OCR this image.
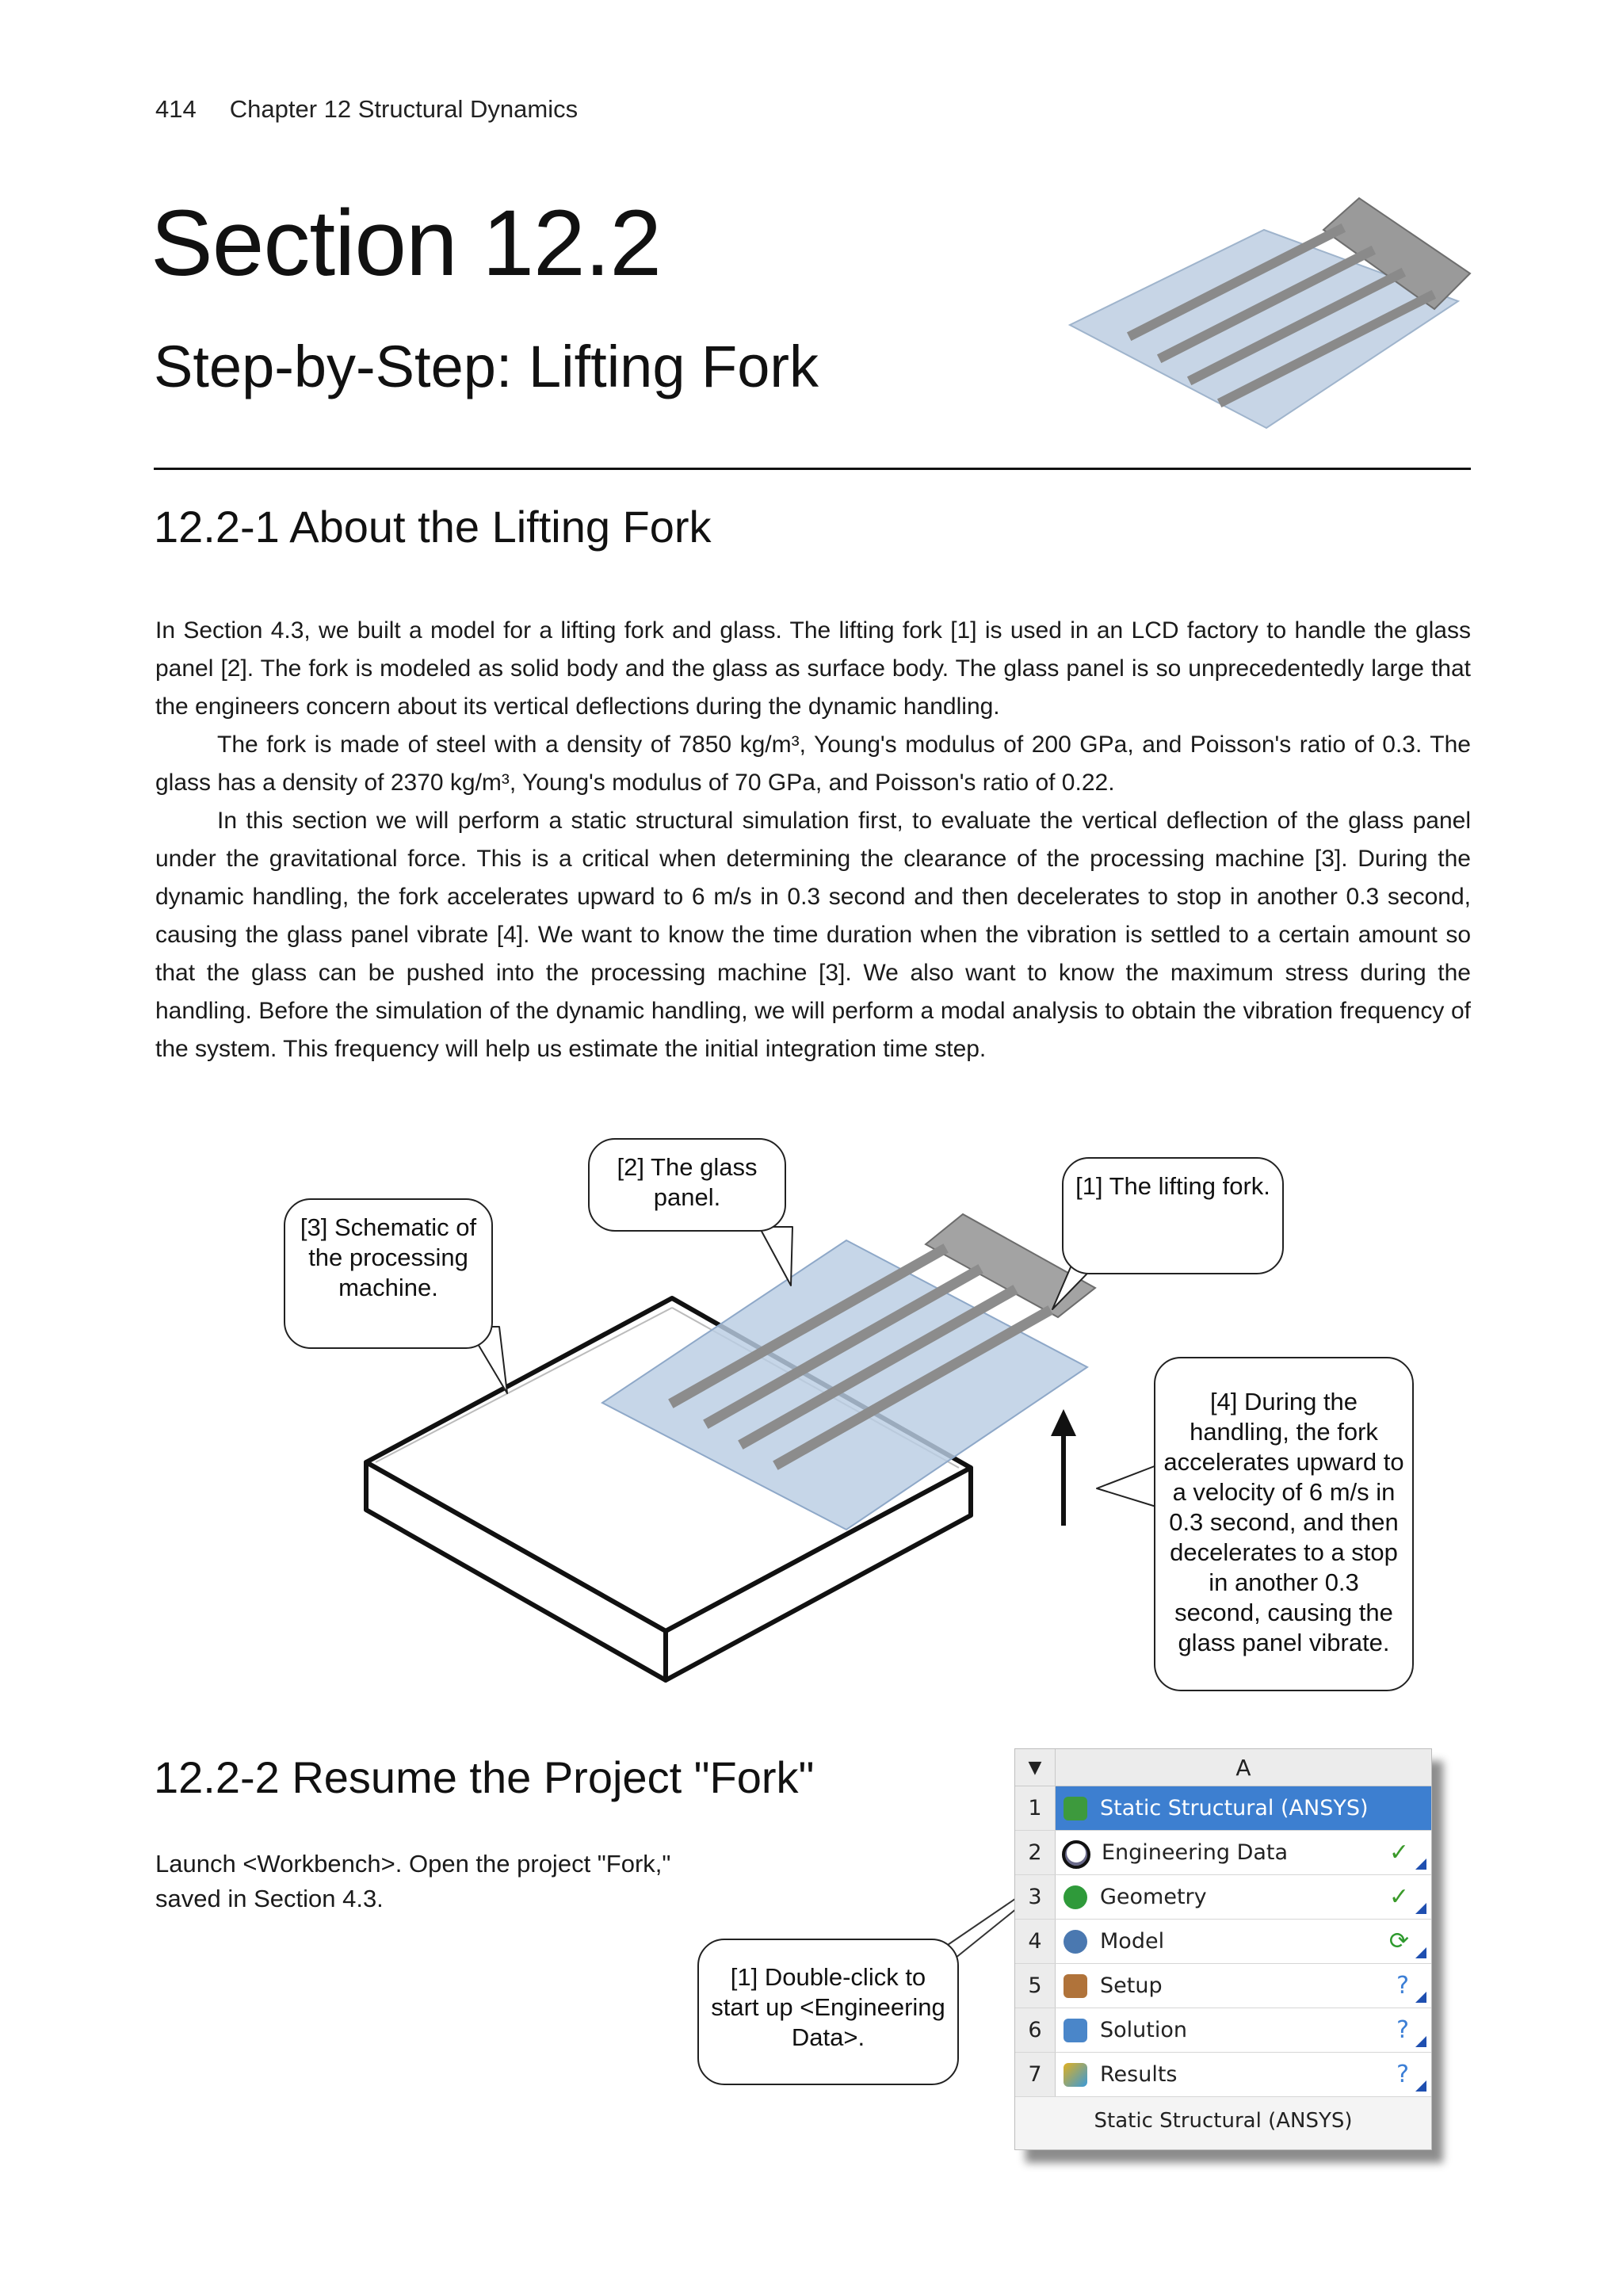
414 Chapter 12 Structural Dynamics
Section 12.2
Step-by-Step: Lifting Fork
12.2-1 About the Lifting Fork

In Section 4.3, we built a model for a lifting fork and glass. The lifting fork [1] is used in an LCD factory to handle the glass panel [2]. The fork is modeled as solid body and the glass as surface body. The glass panel is so unprecedentedly large that the engineers concern about its vertical deflections during the dynamic handling.

The fork is made of steel with a density of 7850 kg/m³, Young's modulus of 200 GPa, and Poisson's ratio of 0.3. The glass has a density of 2370 kg/m³, Young's modulus of 70 GPa, and Poisson's ratio of 0.22.

In this section we will perform a static structural simulation first, to evaluate the vertical deflection of the glass panel under the gravitational force. This is a critical when determining the clearance of the processing machine [3]. During the dynamic handling, the fork accelerates upward to 6 m/s in 0.3 second and then decelerates to stop in another 0.3 second, causing the glass panel vibrate [4]. We want to know the time duration when the vibration is settled to a certain amount so that the glass can be pushed into the processing machine [3]. We also want to know the maximum stress during the handling. Before the simulation of the dynamic handling, we will perform a modal analysis to obtain the vibration frequency of the system. This frequency will help us estimate the initial integration time step.

[2] The glass panel.	[1] The lifting fork.
[3] Schematic of the processing machine.
[4] During the handling, the fork accelerates upward to a velocity of 6 m/s in 0.3 second, and then decelerates to a stop in another 0.3 second, causing the glass panel vibrate.
12.2-2 Resume the Project "Fork"
Launch <Workbench>. Open the project "Fork," saved in Section 4.3.
[1] Double-click to start up <Engineering Data>.
▼	A
1	Static Structural (ANSYS)
2	Engineering Data	✓
3	Geometry	✓
4	Model	⟳
5	Setup	?
6	Solution	?
7	Results	?
Static Structural (ANSYS)
